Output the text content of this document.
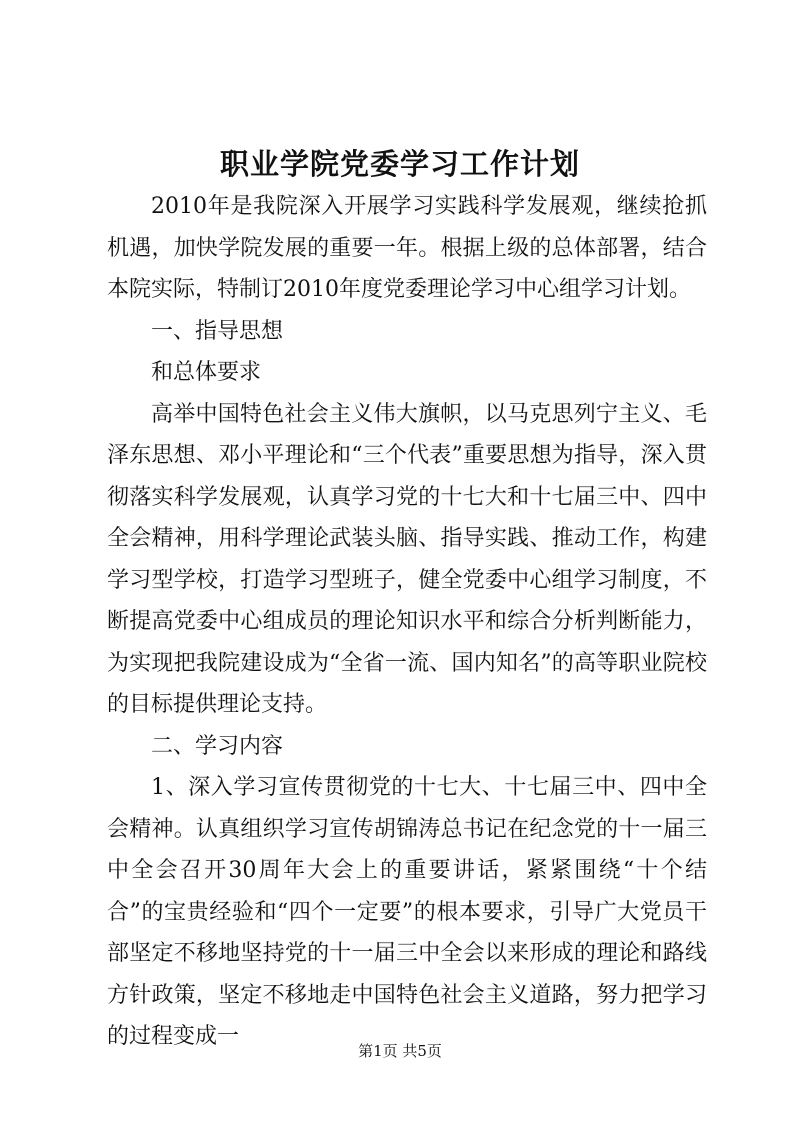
职业学院党委学习工作计划

2010年是我院深入开展学习实践科学发展观，继续抢抓机遇，加快学院发展的重要一年。根据上级的总体部署，结合本院实际，特制订2010年度党委理论学习中心组学习计划。

一、指导思想

和总体要求

高举中国特色社会主义伟大旗帜，以马克思列宁主义、毛泽东思想、邓小平理论和“三个代表”重要思想为指导，深入贯彻落实科学发展观，认真学习党的十七大和十七届三中、四中全会精神，用科学理论武装头脑、指导实践、推动工作，构建学习型学校，打造学习型班子，健全党委中心组学习制度，不断提高党委中心组成员的理论知识水平和综合分析判断能力，为实现把我院建设成为“全省一流、国内知名”的高等职业院校的目标提供理论支持。

二、学习内容

1、深入学习宣传贯彻党的十七大、十七届三中、四中全会精神。认真组织学习宣传胡锦涛总书记在纪念党的十一届三中全会召开30周年大会上的重要讲话，紧紧围绕“十个结合”的宝贵经验和“四个一定要”的根本要求，引导广大党员干部坚定不移地坚持党的十一届三中全会以来形成的理论和路线方针政策，坚定不移地走中国特色社会主义道路，努力把学习的过程变成一

第1页 共5页
